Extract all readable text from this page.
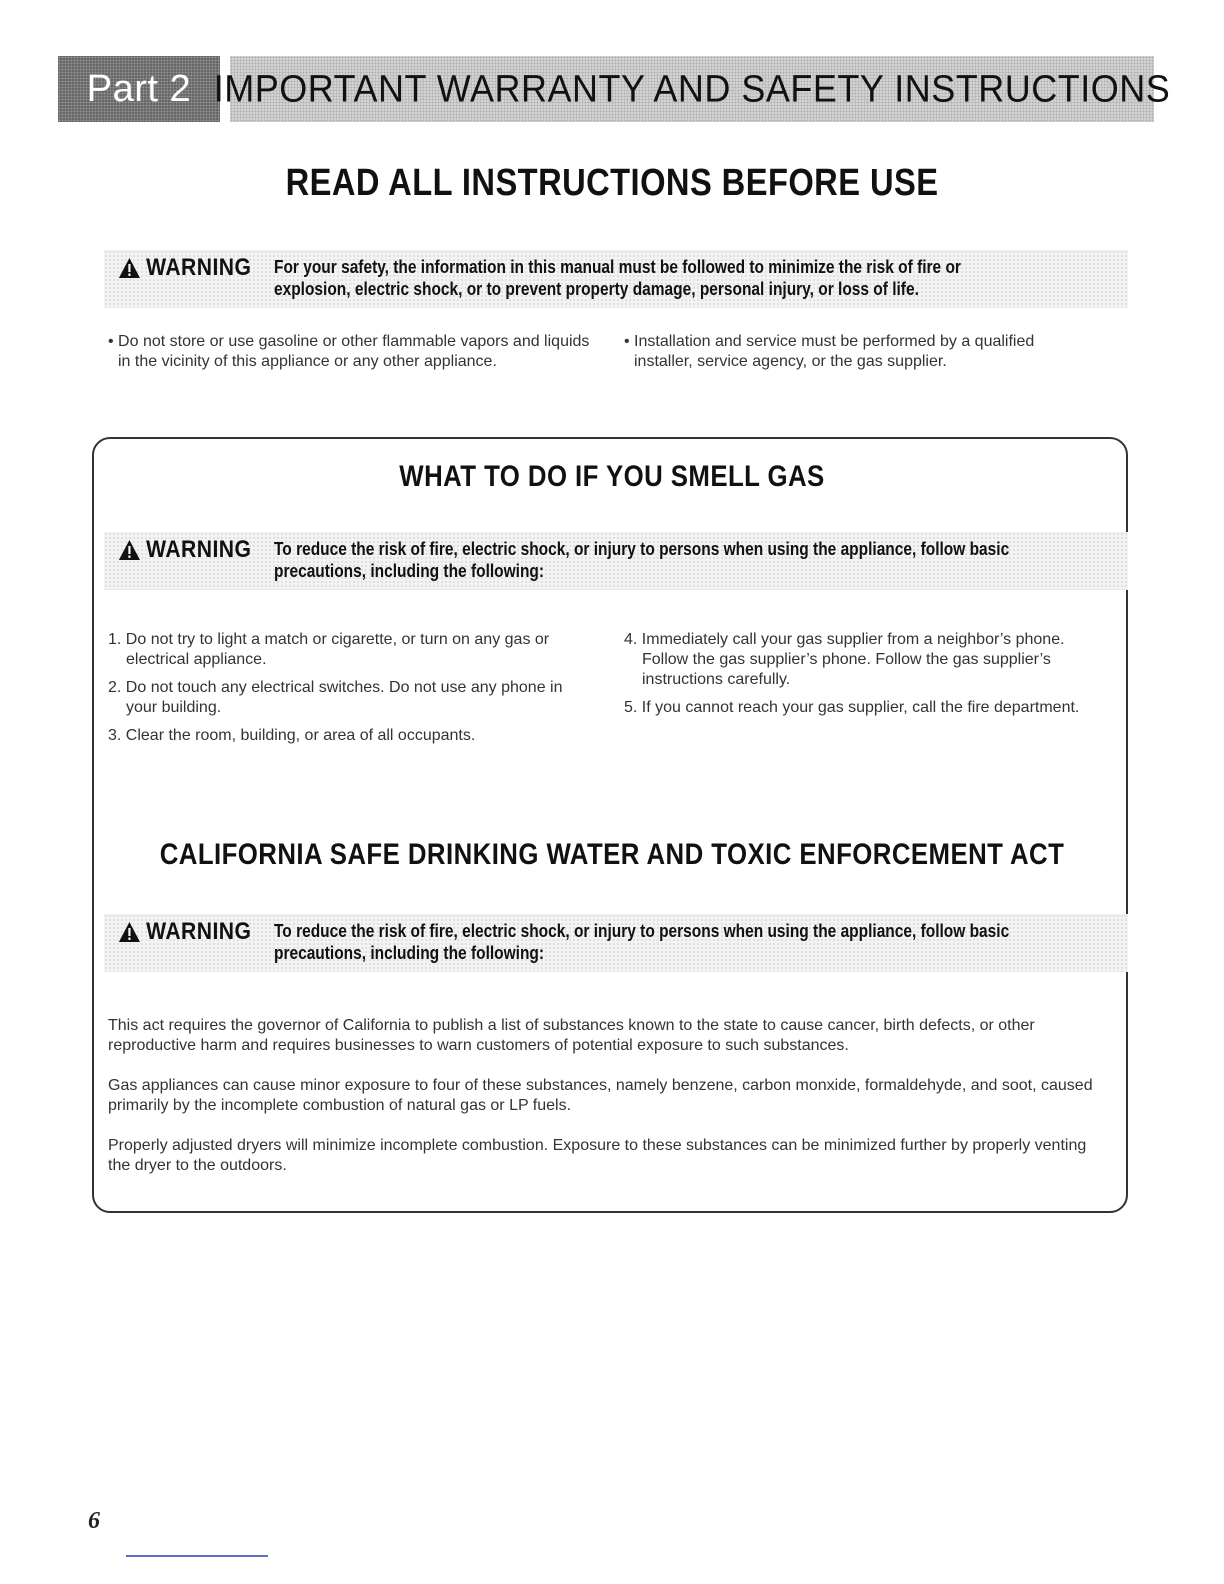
Part 2 IMPORTANT WARRANTY AND SAFETY INSTRUCTIONS
READ ALL INSTRUCTIONS BEFORE USE
WARNING For your safety, the information in this manual must be followed to minimize the risk of fire or
explosion, electric shock, or to prevent property damage, personal injury, or loss of life.
• Do not store or use gasoline or other flammable vapors and liquids in the vicinity of this appliance or any other appliance.
• Installation and service must be performed by a qualified installer, service agency, or the gas supplier.
WHAT TO DO IF YOU SMELL GAS
WARNING To reduce the risk of fire, electric shock, or injury to persons when using the appliance, follow basic
precautions, including the following:
1. Do not try to light a match or cigarette, or turn on any gas or electrical appliance.
2. Do not touch any electrical switches. Do not use any phone in your building.
3. Clear the room, building, or area of all occupants.
4. Immediately call your gas supplier from a neighbor’s phone. Follow the gas supplier’s phone. Follow the gas supplier’s instructions carefully.
5. If you cannot reach your gas supplier, call the fire department.
CALIFORNIA SAFE DRINKING WATER AND TOXIC ENFORCEMENT ACT
WARNING To reduce the risk of fire, electric shock, or injury to persons when using the appliance, follow basic
precautions, including the following:
This act requires the governor of California to publish a list of substances known to the state to cause cancer, birth defects, or other reproductive harm and requires businesses to warn customers of potential exposure to such substances.
Gas appliances can cause minor exposure to four of these substances, namely benzene, carbon monxide, formaldehyde, and soot, caused primarily by the incomplete combustion of natural gas or LP fuels.
Properly adjusted dryers will minimize incomplete combustion. Exposure to these substances can be minimized further by properly venting the dryer to the outdoors.
6
